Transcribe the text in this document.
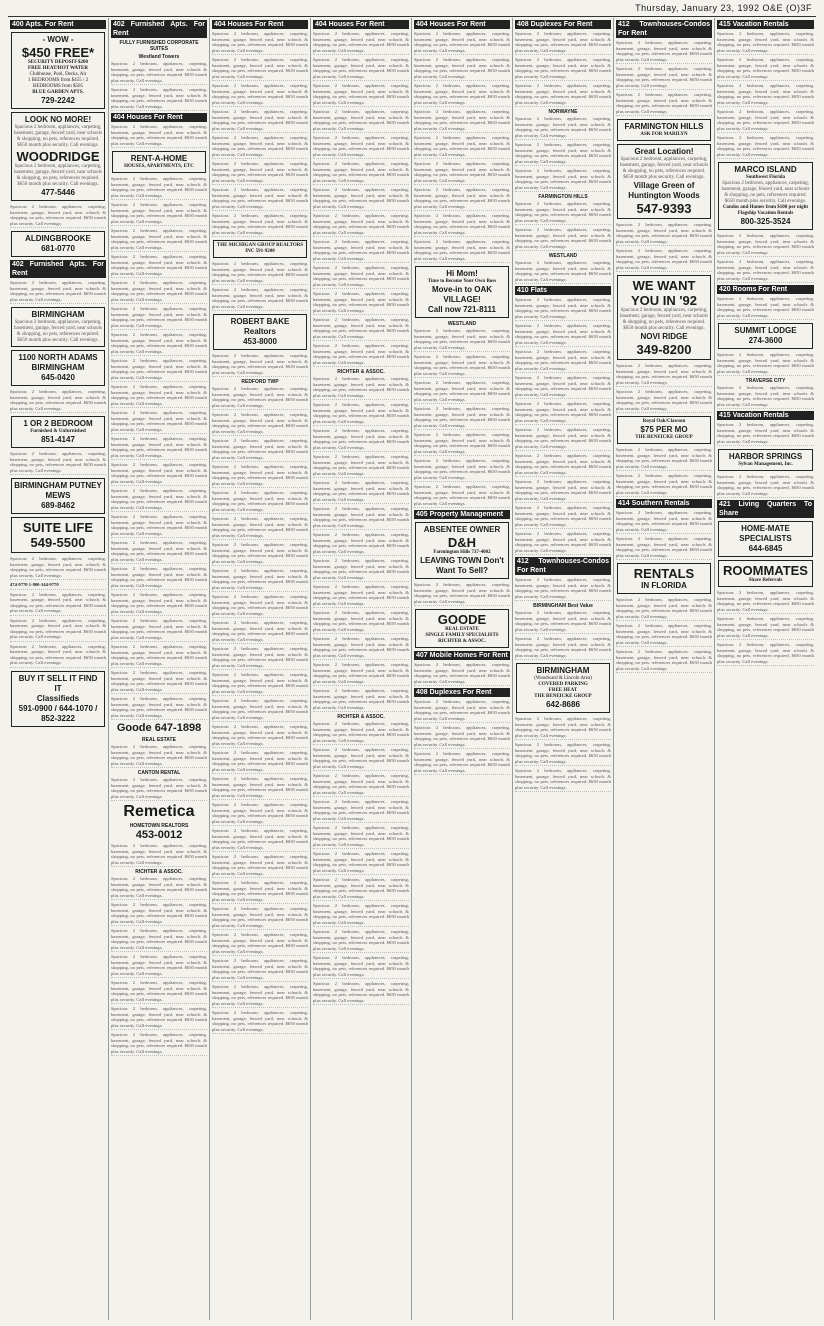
Thursday, January 23, 1992 O&E (O)3F
400 Apts. For Rent
- WOW -
$450 FREE*
SECURITY DEPOSIT-$200
FREE HEAT/HOT WATER
Clubhouse, Pool, Decks, Air
1 BEDROOMS from $455 / 2 BEDROOMS from $505
BLUE GARDEN APTS.
729-2242
LOOK NO MORE!
Spacious 2 bedroom, appliances, carpeting, basement, garage, fenced yard, near schools & shopping, no pets, references required. $650 month plus security. Call evenings.
WOODRIDGE
Spacious 2 bedroom, appliances, carpeting, basement, garage, fenced yard, near schools & shopping, no pets, references required. $650 month plus security. Call evenings.
477-5446
Spacious 2 bedroom, appliances, carpeting, basement, garage, fenced yard, near schools & shopping, no pets, references required. $650 month plus security. Call evenings.
ALDINGBROOKE
681-0770
402 Furnished Apts. For Rent
Spacious 2 bedroom, appliances, carpeting, basement, garage, fenced yard, near schools & shopping, no pets, references required. $650 month plus security. Call evenings.
BIRMINGHAM
Spacious 2 bedroom, appliances, carpeting, basement, garage, fenced yard, near schools & shopping, no pets, references required. $650 month plus security. Call evenings.
1100 NORTH ADAMS BIRMINGHAM
645-0420
Spacious 2 bedroom, appliances, carpeting, basement, garage, fenced yard, near schools & shopping, no pets, references required. $650 month plus security. Call evenings.
1 OR 2 BEDROOM
Furnished & Unfurnished
851-4147
Spacious 2 bedroom, appliances, carpeting, basement, garage, fenced yard, near schools & shopping, no pets, references required. $650 month plus security. Call evenings.
BIRMINGHAM PUTNEY MEWS
689-8462
SUITE LIFE
549-5500
Spacious 2 bedroom, appliances, carpeting, basement, garage, fenced yard, near schools & shopping, no pets, references required. $650 month plus security. Call evenings.
474-9770 1-800-344-9770
Spacious 2 bedroom, appliances, carpeting, basement, garage, fenced yard, near schools & shopping, no pets, references required. $650 month plus security. Call evenings.
Spacious 2 bedroom, appliances, carpeting, basement, garage, fenced yard, near schools & shopping, no pets, references required. $650 month plus security. Call evenings.
Spacious 2 bedroom, appliances, carpeting, basement, garage, fenced yard, near schools & shopping, no pets, references required. $650 month plus security. Call evenings.
BUY IT SELL IT FIND IT
Classifieds
591-0900 / 644-1070 / 852-3222
402 Furnished Apts. For Rent
FULLY FURNISHED CORPORATE SUITES
Westland Towers
Spacious 2 bedroom, appliances, carpeting, basement, garage, fenced yard, near schools & shopping, no pets, references required. $650 month plus security. Call evenings.
Spacious 2 bedroom, appliances, carpeting, basement, garage, fenced yard, near schools & shopping, no pets, references required. $650 month plus security. Call evenings.
404 Houses For Rent
Spacious 2 bedroom, appliances, carpeting, basement, garage, fenced yard, near schools & shopping, no pets, references required. $650 month plus security. Call evenings.
RENT-A-HOME
HOUSES, APARTMENTS, ETC
Spacious 2 bedroom, appliances, carpeting, basement, garage, fenced yard, near schools & shopping, no pets, references required. $650 month plus security. Call evenings.
Spacious 2 bedroom, appliances, carpeting, basement, garage, fenced yard, near schools & shopping, no pets, references required. $650 month plus security. Call evenings.
Spacious 2 bedroom, appliances, carpeting, basement, garage, fenced yard, near schools & shopping, no pets, references required. $650 month plus security. Call evenings.
Spacious 2 bedroom, appliances, carpeting, basement, garage, fenced yard, near schools & shopping, no pets, references required. $650 month plus security. Call evenings.
Spacious 2 bedroom, appliances, carpeting, basement, garage, fenced yard, near schools & shopping, no pets, references required. $650 month plus security. Call evenings.
Spacious 2 bedroom, appliances, carpeting, basement, garage, fenced yard, near schools & shopping, no pets, references required. $650 month plus security. Call evenings.
Spacious 2 bedroom, appliances, carpeting, basement, garage, fenced yard, near schools & shopping, no pets, references required. $650 month plus security. Call evenings.
Spacious 2 bedroom, appliances, carpeting, basement, garage, fenced yard, near schools & shopping, no pets, references required. $650 month plus security. Call evenings.
Spacious 2 bedroom, appliances, carpeting, basement, garage, fenced yard, near schools & shopping, no pets, references required. $650 month plus security. Call evenings.
Spacious 2 bedroom, appliances, carpeting, basement, garage, fenced yard, near schools & shopping, no pets, references required. $650 month plus security. Call evenings.
Spacious 2 bedroom, appliances, carpeting, basement, garage, fenced yard, near schools & shopping, no pets, references required. $650 month plus security. Call evenings.
Spacious 2 bedroom, appliances, carpeting, basement, garage, fenced yard, near schools & shopping, no pets, references required. $650 month plus security. Call evenings.
Spacious 2 bedroom, appliances, carpeting, basement, garage, fenced yard, near schools & shopping, no pets, references required. $650 month plus security. Call evenings.
Spacious 2 bedroom, appliances, carpeting, basement, garage, fenced yard, near schools & shopping, no pets, references required. $650 month plus security. Call evenings.
Spacious 2 bedroom, appliances, carpeting, basement, garage, fenced yard, near schools & shopping, no pets, references required. $650 month plus security. Call evenings.
Spacious 2 bedroom, appliances, carpeting, basement, garage, fenced yard, near schools & shopping, no pets, references required. $650 month plus security. Call evenings.
Spacious 2 bedroom, appliances, carpeting, basement, garage, fenced yard, near schools & shopping, no pets, references required. $650 month plus security. Call evenings.
Spacious 2 bedroom, appliances, carpeting, basement, garage, fenced yard, near schools & shopping, no pets, references required. $650 month plus security. Call evenings.
Spacious 2 bedroom, appliances, carpeting, basement, garage, fenced yard, near schools & shopping, no pets, references required. $650 month plus security. Call evenings.
Spacious 2 bedroom, appliances, carpeting, basement, garage, fenced yard, near schools & shopping, no pets, references required. $650 month plus security. Call evenings.
Spacious 2 bedroom, appliances, carpeting, basement, garage, fenced yard, near schools & shopping, no pets, references required. $650 month plus security. Call evenings.
Goode 647-1898
REAL ESTATE
Spacious 2 bedroom, appliances, carpeting, basement, garage, fenced yard, near schools & shopping, no pets, references required. $650 month plus security. Call evenings.
CANTON RENTAL
Spacious 2 bedroom, appliances, carpeting, basement, garage, fenced yard, near schools & shopping, no pets, references required. $650 month plus security. Call evenings.
Remetica
HOMETOWN REALTORS
453-0012
Spacious 2 bedroom, appliances, carpeting, basement, garage, fenced yard, near schools & shopping, no pets, references required. $650 month plus security. Call evenings.
RICHTER & ASSOC.
Spacious 2 bedroom, appliances, carpeting, basement, garage, fenced yard, near schools & shopping, no pets, references required. $650 month plus security. Call evenings.
Spacious 2 bedroom, appliances, carpeting, basement, garage, fenced yard, near schools & shopping, no pets, references required. $650 month plus security. Call evenings.
Spacious 2 bedroom, appliances, carpeting, basement, garage, fenced yard, near schools & shopping, no pets, references required. $650 month plus security. Call evenings.
Spacious 2 bedroom, appliances, carpeting, basement, garage, fenced yard, near schools & shopping, no pets, references required. $650 month plus security. Call evenings.
Spacious 2 bedroom, appliances, carpeting, basement, garage, fenced yard, near schools & shopping, no pets, references required. $650 month plus security. Call evenings.
Spacious 2 bedroom, appliances, carpeting, basement, garage, fenced yard, near schools & shopping, no pets, references required. $650 month plus security. Call evenings.
Spacious 2 bedroom, appliances, carpeting, basement, garage, fenced yard, near schools & shopping, no pets, references required. $650 month plus security. Call evenings.
404 Houses For Rent
Spacious 2 bedroom, appliances, carpeting, basement, garage, fenced yard, near schools & shopping, no pets, references required. $650 month plus security. Call evenings.
Spacious 2 bedroom, appliances, carpeting, basement, garage, fenced yard, near schools & shopping, no pets, references required. $650 month plus security. Call evenings.
Spacious 2 bedroom, appliances, carpeting, basement, garage, fenced yard, near schools & shopping, no pets, references required. $650 month plus security. Call evenings.
Spacious 2 bedroom, appliances, carpeting, basement, garage, fenced yard, near schools & shopping, no pets, references required. $650 month plus security. Call evenings.
Spacious 2 bedroom, appliances, carpeting, basement, garage, fenced yard, near schools & shopping, no pets, references required. $650 month plus security. Call evenings.
Spacious 2 bedroom, appliances, carpeting, basement, garage, fenced yard, near schools & shopping, no pets, references required. $650 month plus security. Call evenings.
Spacious 2 bedroom, appliances, carpeting, basement, garage, fenced yard, near schools & shopping, no pets, references required. $650 month plus security. Call evenings.
Spacious 2 bedroom, appliances, carpeting, basement, garage, fenced yard, near schools & shopping, no pets, references required. $650 month plus security. Call evenings.
THE MICHIGAN GROUP REALTORS INC 591-9200
Spacious 2 bedroom, appliances, carpeting, basement, garage, fenced yard, near schools & shopping, no pets, references required. $650 month plus security. Call evenings.
Spacious 2 bedroom, appliances, carpeting, basement, garage, fenced yard, near schools & shopping, no pets, references required. $650 month plus security. Call evenings.
ROBERT BAKE Realtors
453-8000
Spacious 2 bedroom, appliances, carpeting, basement, garage, fenced yard, near schools & shopping, no pets, references required. $650 month plus security. Call evenings.
REDFORD TWP
Spacious 2 bedroom, appliances, carpeting, basement, garage, fenced yard, near schools & shopping, no pets, references required. $650 month plus security. Call evenings.
Spacious 2 bedroom, appliances, carpeting, basement, garage, fenced yard, near schools & shopping, no pets, references required. $650 month plus security. Call evenings.
Spacious 2 bedroom, appliances, carpeting, basement, garage, fenced yard, near schools & shopping, no pets, references required. $650 month plus security. Call evenings.
Spacious 2 bedroom, appliances, carpeting, basement, garage, fenced yard, near schools & shopping, no pets, references required. $650 month plus security. Call evenings.
Spacious 2 bedroom, appliances, carpeting, basement, garage, fenced yard, near schools & shopping, no pets, references required. $650 month plus security. Call evenings.
Spacious 2 bedroom, appliances, carpeting, basement, garage, fenced yard, near schools & shopping, no pets, references required. $650 month plus security. Call evenings.
Spacious 2 bedroom, appliances, carpeting, basement, garage, fenced yard, near schools & shopping, no pets, references required. $650 month plus security. Call evenings.
Spacious 2 bedroom, appliances, carpeting, basement, garage, fenced yard, near schools & shopping, no pets, references required. $650 month plus security. Call evenings.
Spacious 2 bedroom, appliances, carpeting, basement, garage, fenced yard, near schools & shopping, no pets, references required. $650 month plus security. Call evenings.
Spacious 2 bedroom, appliances, carpeting, basement, garage, fenced yard, near schools & shopping, no pets, references required. $650 month plus security. Call evenings.
Spacious 2 bedroom, appliances, carpeting, basement, garage, fenced yard, near schools & shopping, no pets, references required. $650 month plus security. Call evenings.
Spacious 2 bedroom, appliances, carpeting, basement, garage, fenced yard, near schools & shopping, no pets, references required. $650 month plus security. Call evenings.
Spacious 2 bedroom, appliances, carpeting, basement, garage, fenced yard, near schools & shopping, no pets, references required. $650 month plus security. Call evenings.
Spacious 2 bedroom, appliances, carpeting, basement, garage, fenced yard, near schools & shopping, no pets, references required. $650 month plus security. Call evenings.
Spacious 2 bedroom, appliances, carpeting, basement, garage, fenced yard, near schools & shopping, no pets, references required. $650 month plus security. Call evenings.
Spacious 2 bedroom, appliances, carpeting, basement, garage, fenced yard, near schools & shopping, no pets, references required. $650 month plus security. Call evenings.
Spacious 2 bedroom, appliances, carpeting, basement, garage, fenced yard, near schools & shopping, no pets, references required. $650 month plus security. Call evenings.
Spacious 2 bedroom, appliances, carpeting, basement, garage, fenced yard, near schools & shopping, no pets, references required. $650 month plus security. Call evenings.
Spacious 2 bedroom, appliances, carpeting, basement, garage, fenced yard, near schools & shopping, no pets, references required. $650 month plus security. Call evenings.
Spacious 2 bedroom, appliances, carpeting, basement, garage, fenced yard, near schools & shopping, no pets, references required. $650 month plus security. Call evenings.
Spacious 2 bedroom, appliances, carpeting, basement, garage, fenced yard, near schools & shopping, no pets, references required. $650 month plus security. Call evenings.
Spacious 2 bedroom, appliances, carpeting, basement, garage, fenced yard, near schools & shopping, no pets, references required. $650 month plus security. Call evenings.
Spacious 2 bedroom, appliances, carpeting, basement, garage, fenced yard, near schools & shopping, no pets, references required. $650 month plus security. Call evenings.
Spacious 2 bedroom, appliances, carpeting, basement, garage, fenced yard, near schools & shopping, no pets, references required. $650 month plus security. Call evenings.
Spacious 2 bedroom, appliances, carpeting, basement, garage, fenced yard, near schools & shopping, no pets, references required. $650 month plus security. Call evenings.
404 Houses For Rent
Spacious 2 bedroom, appliances, carpeting, basement, garage, fenced yard, near schools & shopping, no pets, references required. $650 month plus security. Call evenings.
Spacious 2 bedroom, appliances, carpeting, basement, garage, fenced yard, near schools & shopping, no pets, references required. $650 month plus security. Call evenings.
Spacious 2 bedroom, appliances, carpeting, basement, garage, fenced yard, near schools & shopping, no pets, references required. $650 month plus security. Call evenings.
Spacious 2 bedroom, appliances, carpeting, basement, garage, fenced yard, near schools & shopping, no pets, references required. $650 month plus security. Call evenings.
Spacious 2 bedroom, appliances, carpeting, basement, garage, fenced yard, near schools & shopping, no pets, references required. $650 month plus security. Call evenings.
Spacious 2 bedroom, appliances, carpeting, basement, garage, fenced yard, near schools & shopping, no pets, references required. $650 month plus security. Call evenings.
Spacious 2 bedroom, appliances, carpeting, basement, garage, fenced yard, near schools & shopping, no pets, references required. $650 month plus security. Call evenings.
Spacious 2 bedroom, appliances, carpeting, basement, garage, fenced yard, near schools & shopping, no pets, references required. $650 month plus security. Call evenings.
Spacious 2 bedroom, appliances, carpeting, basement, garage, fenced yard, near schools & shopping, no pets, references required. $650 month plus security. Call evenings.
Spacious 2 bedroom, appliances, carpeting, basement, garage, fenced yard, near schools & shopping, no pets, references required. $650 month plus security. Call evenings.
Spacious 2 bedroom, appliances, carpeting, basement, garage, fenced yard, near schools & shopping, no pets, references required. $650 month plus security. Call evenings.
Spacious 2 bedroom, appliances, carpeting, basement, garage, fenced yard, near schools & shopping, no pets, references required. $650 month plus security. Call evenings.
Spacious 2 bedroom, appliances, carpeting, basement, garage, fenced yard, near schools & shopping, no pets, references required. $650 month plus security. Call evenings.
RICHTER & ASSOC.
Spacious 2 bedroom, appliances, carpeting, basement, garage, fenced yard, near schools & shopping, no pets, references required. $650 month plus security. Call evenings.
Spacious 2 bedroom, appliances, carpeting, basement, garage, fenced yard, near schools & shopping, no pets, references required. $650 month plus security. Call evenings.
Spacious 2 bedroom, appliances, carpeting, basement, garage, fenced yard, near schools & shopping, no pets, references required. $650 month plus security. Call evenings.
Spacious 2 bedroom, appliances, carpeting, basement, garage, fenced yard, near schools & shopping, no pets, references required. $650 month plus security. Call evenings.
Spacious 2 bedroom, appliances, carpeting, basement, garage, fenced yard, near schools & shopping, no pets, references required. $650 month plus security. Call evenings.
Spacious 2 bedroom, appliances, carpeting, basement, garage, fenced yard, near schools & shopping, no pets, references required. $650 month plus security. Call evenings.
Spacious 2 bedroom, appliances, carpeting, basement, garage, fenced yard, near schools & shopping, no pets, references required. $650 month plus security. Call evenings.
Spacious 2 bedroom, appliances, carpeting, basement, garage, fenced yard, near schools & shopping, no pets, references required. $650 month plus security. Call evenings.
Spacious 2 bedroom, appliances, carpeting, basement, garage, fenced yard, near schools & shopping, no pets, references required. $650 month plus security. Call evenings.
Spacious 2 bedroom, appliances, carpeting, basement, garage, fenced yard, near schools & shopping, no pets, references required. $650 month plus security. Call evenings.
Spacious 2 bedroom, appliances, carpeting, basement, garage, fenced yard, near schools & shopping, no pets, references required. $650 month plus security. Call evenings.
Spacious 2 bedroom, appliances, carpeting, basement, garage, fenced yard, near schools & shopping, no pets, references required. $650 month plus security. Call evenings.
Spacious 2 bedroom, appliances, carpeting, basement, garage, fenced yard, near schools & shopping, no pets, references required. $650 month plus security. Call evenings.
RICHTER & ASSOC.
Spacious 2 bedroom, appliances, carpeting, basement, garage, fenced yard, near schools & shopping, no pets, references required. $650 month plus security. Call evenings.
Spacious 2 bedroom, appliances, carpeting, basement, garage, fenced yard, near schools & shopping, no pets, references required. $650 month plus security. Call evenings.
Spacious 2 bedroom, appliances, carpeting, basement, garage, fenced yard, near schools & shopping, no pets, references required. $650 month plus security. Call evenings.
Spacious 2 bedroom, appliances, carpeting, basement, garage, fenced yard, near schools & shopping, no pets, references required. $650 month plus security. Call evenings.
Spacious 2 bedroom, appliances, carpeting, basement, garage, fenced yard, near schools & shopping, no pets, references required. $650 month plus security. Call evenings.
Spacious 2 bedroom, appliances, carpeting, basement, garage, fenced yard, near schools & shopping, no pets, references required. $650 month plus security. Call evenings.
Spacious 2 bedroom, appliances, carpeting, basement, garage, fenced yard, near schools & shopping, no pets, references required. $650 month plus security. Call evenings.
Spacious 2 bedroom, appliances, carpeting, basement, garage, fenced yard, near schools & shopping, no pets, references required. $650 month plus security. Call evenings.
Spacious 2 bedroom, appliances, carpeting, basement, garage, fenced yard, near schools & shopping, no pets, references required. $650 month plus security. Call evenings.
Spacious 2 bedroom, appliances, carpeting, basement, garage, fenced yard, near schools & shopping, no pets, references required. $650 month plus security. Call evenings.
Spacious 2 bedroom, appliances, carpeting, basement, garage, fenced yard, near schools & shopping, no pets, references required. $650 month plus security. Call evenings.
404 Houses For Rent
Spacious 2 bedroom, appliances, carpeting, basement, garage, fenced yard, near schools & shopping, no pets, references required. $650 month plus security. Call evenings.
Spacious 2 bedroom, appliances, carpeting, basement, garage, fenced yard, near schools & shopping, no pets, references required. $650 month plus security. Call evenings.
Spacious 2 bedroom, appliances, carpeting, basement, garage, fenced yard, near schools & shopping, no pets, references required. $650 month plus security. Call evenings.
Spacious 2 bedroom, appliances, carpeting, basement, garage, fenced yard, near schools & shopping, no pets, references required. $650 month plus security. Call evenings.
Spacious 2 bedroom, appliances, carpeting, basement, garage, fenced yard, near schools & shopping, no pets, references required. $650 month plus security. Call evenings.
Spacious 2 bedroom, appliances, carpeting, basement, garage, fenced yard, near schools & shopping, no pets, references required. $650 month plus security. Call evenings.
Spacious 2 bedroom, appliances, carpeting, basement, garage, fenced yard, near schools & shopping, no pets, references required. $650 month plus security. Call evenings.
Spacious 2 bedroom, appliances, carpeting, basement, garage, fenced yard, near schools & shopping, no pets, references required. $650 month plus security. Call evenings.
Spacious 2 bedroom, appliances, carpeting, basement, garage, fenced yard, near schools & shopping, no pets, references required. $650 month plus security. Call evenings.
Hi Mom!
Time to Become Your Own Boss
Move-in to OAK VILLAGE!
Call now 721-8111
WESTLAND
Spacious 2 bedroom, appliances, carpeting, basement, garage, fenced yard, near schools & shopping, no pets, references required. $650 month plus security. Call evenings.
Spacious 2 bedroom, appliances, carpeting, basement, garage, fenced yard, near schools & shopping, no pets, references required. $650 month plus security. Call evenings.
Spacious 2 bedroom, appliances, carpeting, basement, garage, fenced yard, near schools & shopping, no pets, references required. $650 month plus security. Call evenings.
Spacious 2 bedroom, appliances, carpeting, basement, garage, fenced yard, near schools & shopping, no pets, references required. $650 month plus security. Call evenings.
Spacious 2 bedroom, appliances, carpeting, basement, garage, fenced yard, near schools & shopping, no pets, references required. $650 month plus security. Call evenings.
Spacious 2 bedroom, appliances, carpeting, basement, garage, fenced yard, near schools & shopping, no pets, references required. $650 month plus security. Call evenings.
Spacious 2 bedroom, appliances, carpeting, basement, garage, fenced yard, near schools & shopping, no pets, references required. $650 month plus security. Call evenings.
405 Property Management
ABSENTEE OWNER
D&H
Farmington Hills 737-4002
LEAVING TOWN Don't Want To Sell?
Spacious 2 bedroom, appliances, carpeting, basement, garage, fenced yard, near schools & shopping, no pets, references required. $650 month plus security. Call evenings.
GOODE
REAL ESTATE
SINGLE FAMILY SPECIALISTS
RICHTER & ASSOC.
407 Mobile Homes For Rent
Spacious 2 bedroom, appliances, carpeting, basement, garage, fenced yard, near schools & shopping, no pets, references required. $650 month plus security. Call evenings.
408 Duplexes For Rent
Spacious 2 bedroom, appliances, carpeting, basement, garage, fenced yard, near schools & shopping, no pets, references required. $650 month plus security. Call evenings.
Spacious 2 bedroom, appliances, carpeting, basement, garage, fenced yard, near schools & shopping, no pets, references required. $650 month plus security. Call evenings.
Spacious 2 bedroom, appliances, carpeting, basement, garage, fenced yard, near schools & shopping, no pets, references required. $650 month plus security. Call evenings.
408 Duplexes For Rent
Spacious 2 bedroom, appliances, carpeting, basement, garage, fenced yard, near schools & shopping, no pets, references required. $650 month plus security. Call evenings.
Spacious 2 bedroom, appliances, carpeting, basement, garage, fenced yard, near schools & shopping, no pets, references required. $650 month plus security. Call evenings.
Spacious 2 bedroom, appliances, carpeting, basement, garage, fenced yard, near schools & shopping, no pets, references required. $650 month plus security. Call evenings.
NORWAYNE
Spacious 2 bedroom, appliances, carpeting, basement, garage, fenced yard, near schools & shopping, no pets, references required. $650 month plus security. Call evenings.
Spacious 2 bedroom, appliances, carpeting, basement, garage, fenced yard, near schools & shopping, no pets, references required. $650 month plus security. Call evenings.
Spacious 2 bedroom, appliances, carpeting, basement, garage, fenced yard, near schools & shopping, no pets, references required. $650 month plus security. Call evenings.
FARMINGTON HILLS
Spacious 2 bedroom, appliances, carpeting, basement, garage, fenced yard, near schools & shopping, no pets, references required. $650 month plus security. Call evenings.
Spacious 2 bedroom, appliances, carpeting, basement, garage, fenced yard, near schools & shopping, no pets, references required. $650 month plus security. Call evenings.
WESTLAND
Spacious 2 bedroom, appliances, carpeting, basement, garage, fenced yard, near schools & shopping, no pets, references required. $650 month plus security. Call evenings.
410 Flats
Spacious 2 bedroom, appliances, carpeting, basement, garage, fenced yard, near schools & shopping, no pets, references required. $650 month plus security. Call evenings.
Spacious 2 bedroom, appliances, carpeting, basement, garage, fenced yard, near schools & shopping, no pets, references required. $650 month plus security. Call evenings.
Spacious 2 bedroom, appliances, carpeting, basement, garage, fenced yard, near schools & shopping, no pets, references required. $650 month plus security. Call evenings.
Spacious 2 bedroom, appliances, carpeting, basement, garage, fenced yard, near schools & shopping, no pets, references required. $650 month plus security. Call evenings.
Spacious 2 bedroom, appliances, carpeting, basement, garage, fenced yard, near schools & shopping, no pets, references required. $650 month plus security. Call evenings.
Spacious 2 bedroom, appliances, carpeting, basement, garage, fenced yard, near schools & shopping, no pets, references required. $650 month plus security. Call evenings.
Spacious 2 bedroom, appliances, carpeting, basement, garage, fenced yard, near schools & shopping, no pets, references required. $650 month plus security. Call evenings.
Spacious 2 bedroom, appliances, carpeting, basement, garage, fenced yard, near schools & shopping, no pets, references required. $650 month plus security. Call evenings.
Spacious 2 bedroom, appliances, carpeting, basement, garage, fenced yard, near schools & shopping, no pets, references required. $650 month plus security. Call evenings.
Spacious 2 bedroom, appliances, carpeting, basement, garage, fenced yard, near schools & shopping, no pets, references required. $650 month plus security. Call evenings.
412 Townhouses-Condos For Rent
Spacious 2 bedroom, appliances, carpeting, basement, garage, fenced yard, near schools & shopping, no pets, references required. $650 month plus security. Call evenings.
BIRMINGHAM Best Value
Spacious 2 bedroom, appliances, carpeting, basement, garage, fenced yard, near schools & shopping, no pets, references required. $650 month plus security. Call evenings.
Spacious 2 bedroom, appliances, carpeting, basement, garage, fenced yard, near schools & shopping, no pets, references required. $650 month plus security. Call evenings.
BIRMINGHAM
(Woodward & Lincoln Area)
COVERED PARKING
FREE HEAT
THE BENEICKE GROUP
642-8686
Spacious 2 bedroom, appliances, carpeting, basement, garage, fenced yard, near schools & shopping, no pets, references required. $650 month plus security. Call evenings.
Spacious 2 bedroom, appliances, carpeting, basement, garage, fenced yard, near schools & shopping, no pets, references required. $650 month plus security. Call evenings.
Spacious 2 bedroom, appliances, carpeting, basement, garage, fenced yard, near schools & shopping, no pets, references required. $650 month plus security. Call evenings.
412 Townhouses-Condos For Rent
Spacious 2 bedroom, appliances, carpeting, basement, garage, fenced yard, near schools & shopping, no pets, references required. $650 month plus security. Call evenings.
Spacious 2 bedroom, appliances, carpeting, basement, garage, fenced yard, near schools & shopping, no pets, references required. $650 month plus security. Call evenings.
Spacious 2 bedroom, appliances, carpeting, basement, garage, fenced yard, near schools & shopping, no pets, references required. $650 month plus security. Call evenings.
FARMINGTON HILLS
ASK FOR MARILYN
Great Location!
Spacious 2 bedroom, appliances, carpeting, basement, garage, fenced yard, near schools & shopping, no pets, references required. $650 month plus security. Call evenings.
Village Green of Huntington Woods
547-9393
Spacious 2 bedroom, appliances, carpeting, basement, garage, fenced yard, near schools & shopping, no pets, references required. $650 month plus security. Call evenings.
Spacious 2 bedroom, appliances, carpeting, basement, garage, fenced yard, near schools & shopping, no pets, references required. $650 month plus security. Call evenings.
WE WANT YOU IN '92
Spacious 2 bedroom, appliances, carpeting, basement, garage, fenced yard, near schools & shopping, no pets, references required. $650 month plus security. Call evenings.
NOVI RIDGE
349-8200
Spacious 2 bedroom, appliances, carpeting, basement, garage, fenced yard, near schools & shopping, no pets, references required. $650 month plus security. Call evenings.
Spacious 2 bedroom, appliances, carpeting, basement, garage, fenced yard, near schools & shopping, no pets, references required. $650 month plus security. Call evenings.
Royal Oak/Clawson
$75 PER MO
THE BENEICKE GROUP
Spacious 2 bedroom, appliances, carpeting, basement, garage, fenced yard, near schools & shopping, no pets, references required. $650 month plus security. Call evenings.
Spacious 2 bedroom, appliances, carpeting, basement, garage, fenced yard, near schools & shopping, no pets, references required. $650 month plus security. Call evenings.
414 Southern Rentals
Spacious 2 bedroom, appliances, carpeting, basement, garage, fenced yard, near schools & shopping, no pets, references required. $650 month plus security. Call evenings.
Spacious 2 bedroom, appliances, carpeting, basement, garage, fenced yard, near schools & shopping, no pets, references required. $650 month plus security. Call evenings.
RENTALS
IN FLORIDA
Spacious 2 bedroom, appliances, carpeting, basement, garage, fenced yard, near schools & shopping, no pets, references required. $650 month plus security. Call evenings.
Spacious 2 bedroom, appliances, carpeting, basement, garage, fenced yard, near schools & shopping, no pets, references required. $650 month plus security. Call evenings.
Spacious 2 bedroom, appliances, carpeting, basement, garage, fenced yard, near schools & shopping, no pets, references required. $650 month plus security. Call evenings.
415 Vacation Rentals
Spacious 2 bedroom, appliances, carpeting, basement, garage, fenced yard, near schools & shopping, no pets, references required. $650 month plus security. Call evenings.
Spacious 2 bedroom, appliances, carpeting, basement, garage, fenced yard, near schools & shopping, no pets, references required. $650 month plus security. Call evenings.
Spacious 2 bedroom, appliances, carpeting, basement, garage, fenced yard, near schools & shopping, no pets, references required. $650 month plus security. Call evenings.
Spacious 2 bedroom, appliances, carpeting, basement, garage, fenced yard, near schools & shopping, no pets, references required. $650 month plus security. Call evenings.
Spacious 2 bedroom, appliances, carpeting, basement, garage, fenced yard, near schools & shopping, no pets, references required. $650 month plus security. Call evenings.
MARCO ISLAND
Southwest Florida
Spacious 2 bedroom, appliances, carpeting, basement, garage, fenced yard, near schools & shopping, no pets, references required. $650 month plus security. Call evenings.
Condos and Homes from $100 per night
Flagship Vacation Rentals
800-325-3524
Spacious 2 bedroom, appliances, carpeting, basement, garage, fenced yard, near schools & shopping, no pets, references required. $650 month plus security. Call evenings.
Spacious 2 bedroom, appliances, carpeting, basement, garage, fenced yard, near schools & shopping, no pets, references required. $650 month plus security. Call evenings.
420 Rooms For Rent
Spacious 2 bedroom, appliances, carpeting, basement, garage, fenced yard, near schools & shopping, no pets, references required. $650 month plus security. Call evenings.
SUMMIT LODGE
274-3600
Spacious 2 bedroom, appliances, carpeting, basement, garage, fenced yard, near schools & shopping, no pets, references required. $650 month plus security. Call evenings.
TRAVERSE CITY
Spacious 2 bedroom, appliances, carpeting, basement, garage, fenced yard, near schools & shopping, no pets, references required. $650 month plus security. Call evenings.
415 Vacation Rentals
Spacious 2 bedroom, appliances, carpeting, basement, garage, fenced yard, near schools & shopping, no pets, references required. $650 month plus security. Call evenings.
HARBOR SPRINGS
Sylvan Management, Inc.
Spacious 2 bedroom, appliances, carpeting, basement, garage, fenced yard, near schools & shopping, no pets, references required. $650 month plus security. Call evenings.
421 Living Quarters To Share
HOME-MATE SPECIALISTS
644-6845
ROOMMATES
Share Referrals
Spacious 2 bedroom, appliances, carpeting, basement, garage, fenced yard, near schools & shopping, no pets, references required. $650 month plus security. Call evenings.
Spacious 2 bedroom, appliances, carpeting, basement, garage, fenced yard, near schools & shopping, no pets, references required. $650 month plus security. Call evenings.
Spacious 2 bedroom, appliances, carpeting, basement, garage, fenced yard, near schools & shopping, no pets, references required. $650 month plus security. Call evenings.
